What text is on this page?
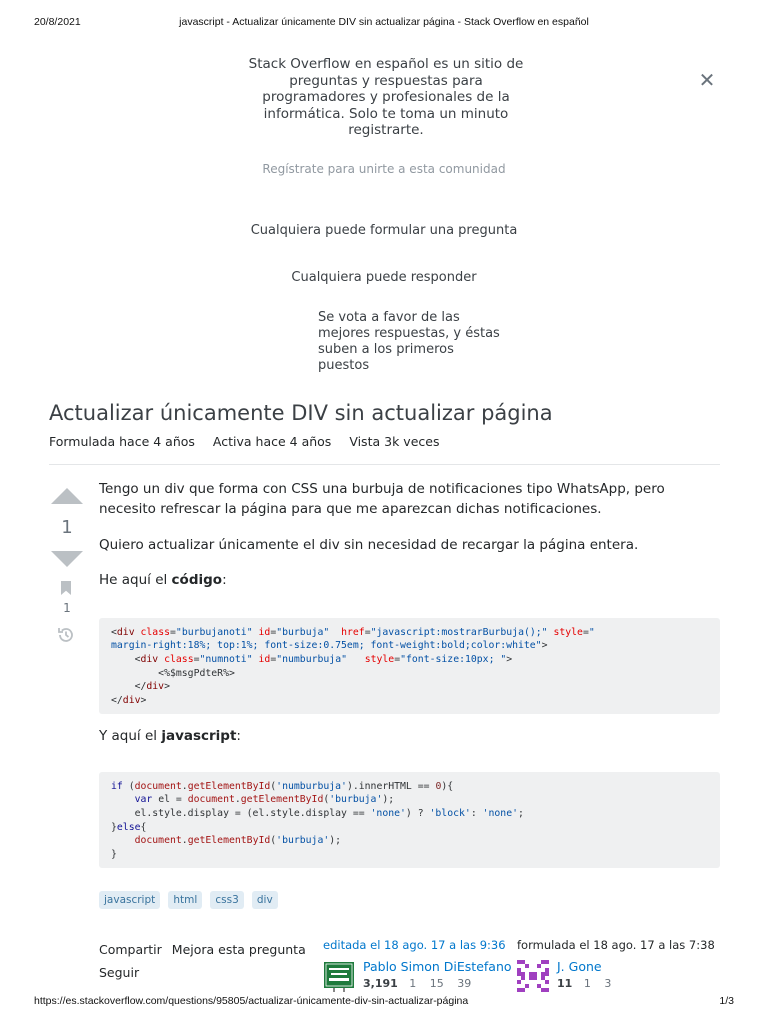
20/8/2021	javascript - Actualizar únicamente DIV sin actualizar página - Stack Overflow en español
Stack Overflow en español es un sitio de preguntas y respuestas para programadores y profesionales de la informática. Solo te toma un minuto registrarte.
✕
Regístrate para unirte a esta comunidad
Cualquiera puede formular una pregunta
Cualquiera puede responder
Se vota a favor de las mejores respuestas, y éstas suben a los primeros puestos
Actualizar únicamente DIV sin actualizar página
Formulada hace 4 años Activa hace 4 años Vista 3k veces
1
1

Tengo un div que forma con CSS una burbuja de notificaciones tipo WhatsApp, pero necesito refrescar la página para que me aparezcan dichas notificaciones.

Quiero actualizar únicamente el div sin necesidad de recargar la página entera.

He aquí el código:

Y aquí el javascript:

<div class="burbujanoti" id="burbuja" href="javascript:mostrarBurbuja();" style="
margin-right:18%; top:1%; font-size:0.75em; font-weight:bold;color:white">
<div class="numnoti" id="numburbuja" style="font-size:10px; ">
<%$msgPdteR%>
</div>
</div>
if (document.getElementById('numburbuja').innerHTML == 0){
var el = document.getElementById('burbuja');
el.style.display = (el.style.display == 'none') ? 'block': 'none';
}else{
document.getElementById('burbuja');
}
javascript html css3 div
Compartir Mejora esta pregunta
Seguir
editada el 18 ago. 17 a las 9:36
Pablo Simon DiEstefano
3,191 1 15 39
formulada el 18 ago. 17 a las 7:38
J. Gone
11 1 3
https://es.stackoverflow.com/questions/95805/actualizar-únicamente-div-sin-actualizar-página	1/3
